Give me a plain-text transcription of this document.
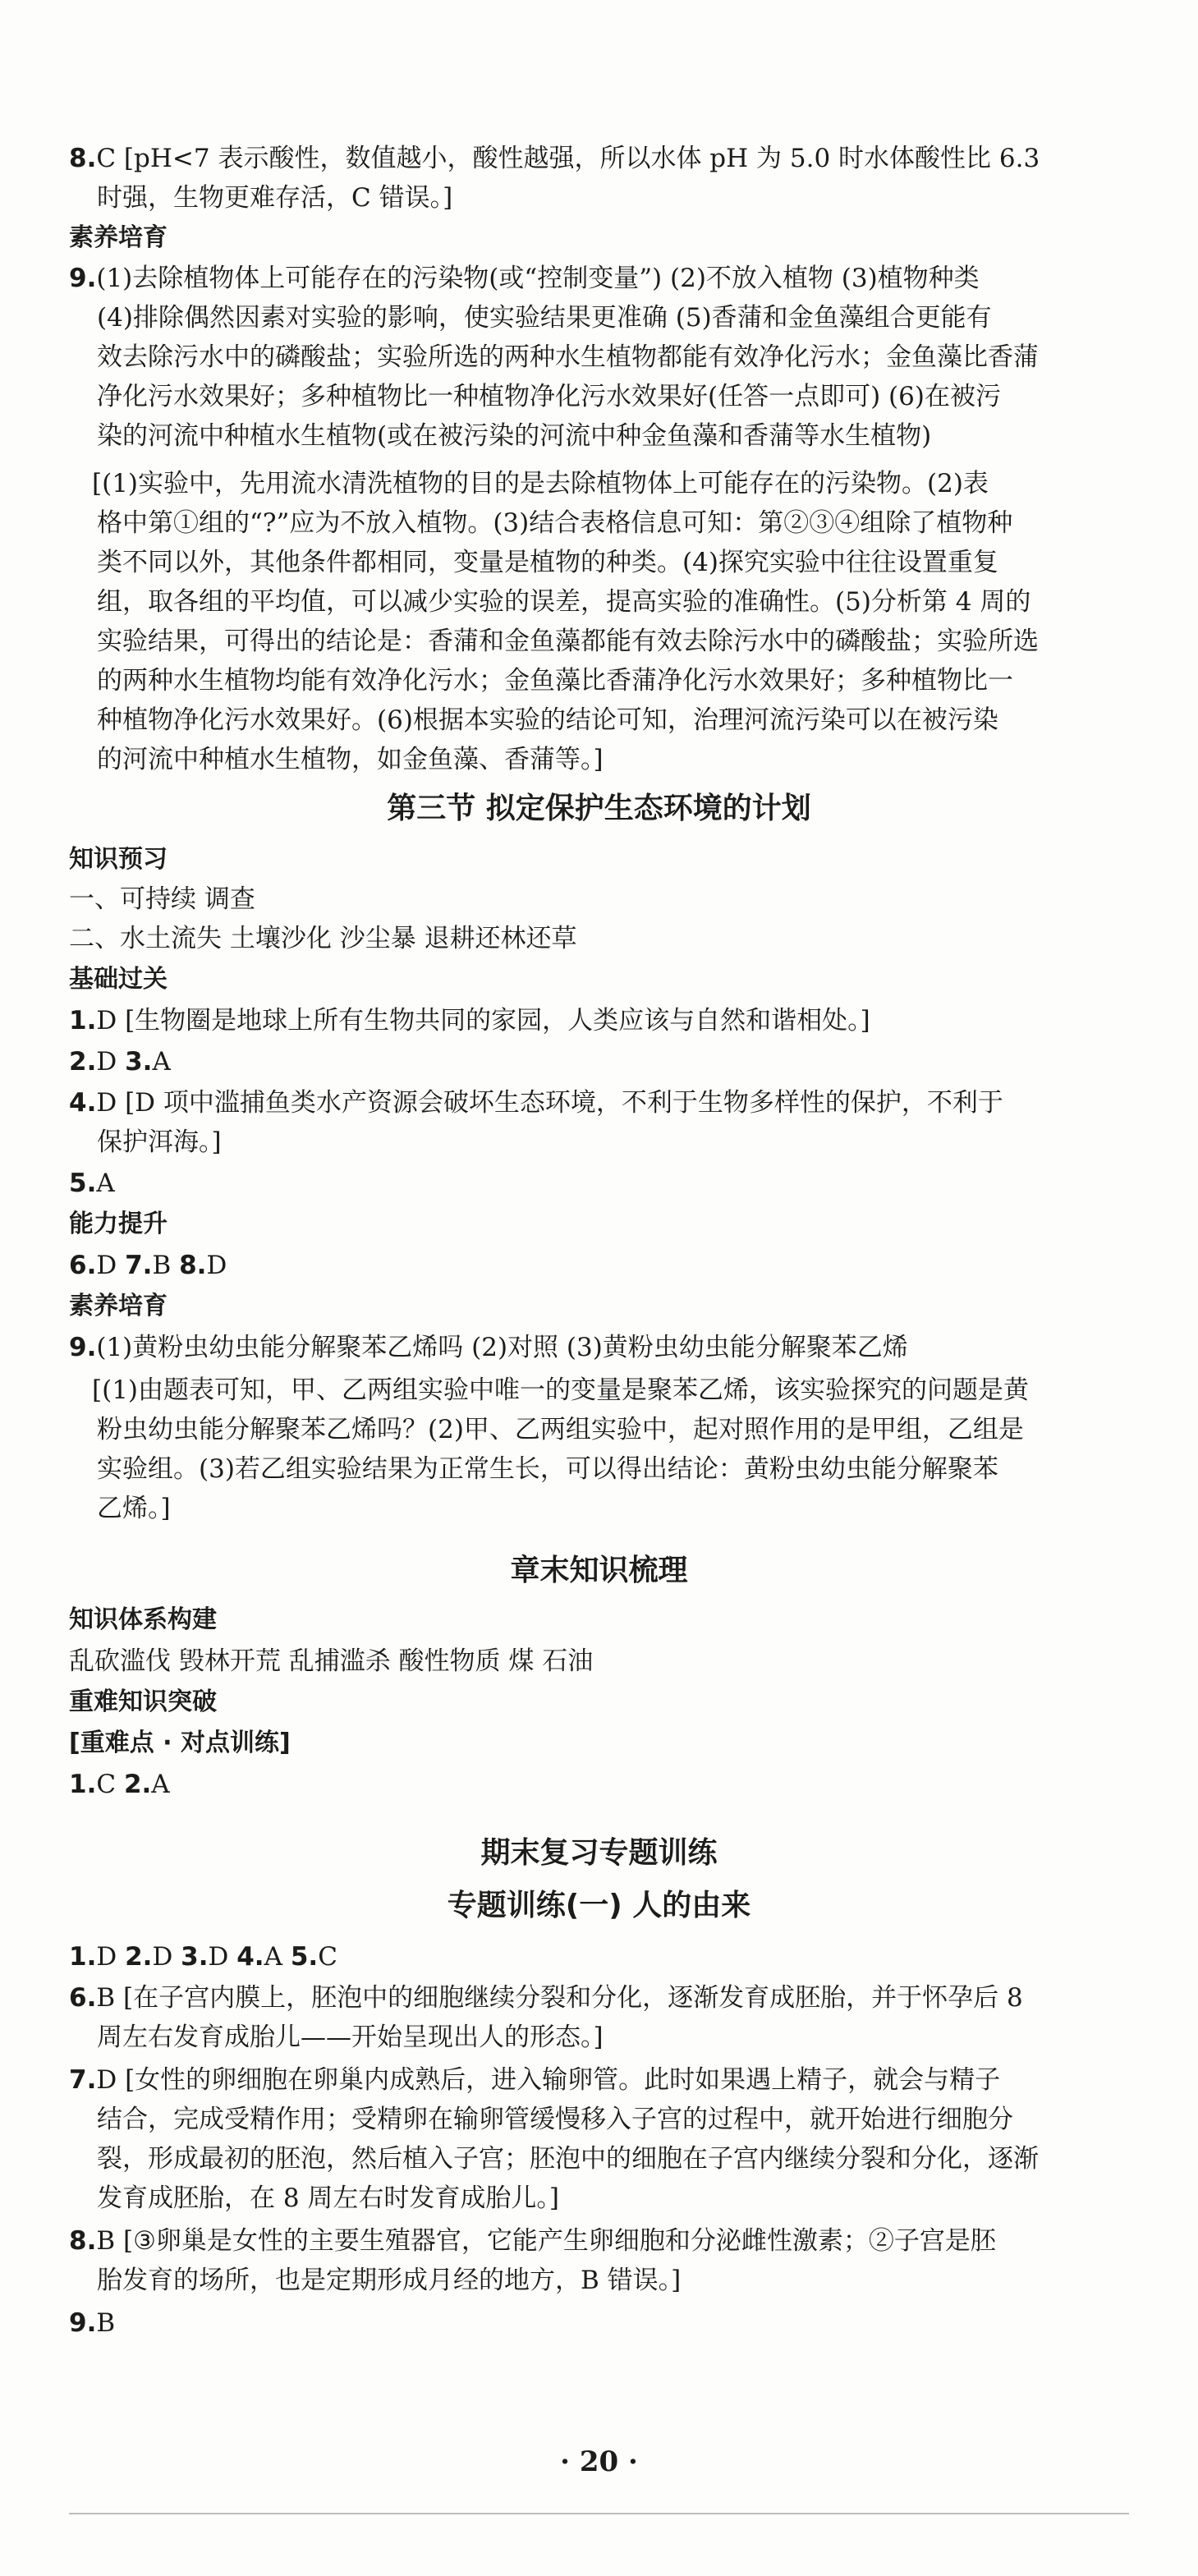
8.C [pH<7 表示酸性，数值越小，酸性越强，所以水体 pH 为 5.0 时水体酸性比 6.3
时强，生物更难存活，C 错误。]
素养培育
9.(1)去除植物体上可能存在的污染物(或“控制变量”) (2)不放入植物 (3)植物种类
(4)排除偶然因素对实验的影响，使实验结果更准确 (5)香蒲和金鱼藻组合更能有
效去除污水中的磷酸盐；实验所选的两种水生植物都能有效净化污水；金鱼藻比香蒲
净化污水效果好；多种植物比一种植物净化污水效果好(任答一点即可) (6)在被污
染的河流中种植水生植物(或在被污染的河流中种金鱼藻和香蒲等水生植物)
[(1)实验中，先用流水清洗植物的目的是去除植物体上可能存在的污染物。(2)表
格中第①组的“?”应为不放入植物。(3)结合表格信息可知：第②③④组除了植物种
类不同以外，其他条件都相同，变量是植物的种类。(4)探究实验中往往设置重复
组，取各组的平均值，可以减少实验的误差，提高实验的准确性。(5)分析第 4 周的
实验结果，可得出的结论是：香蒲和金鱼藻都能有效去除污水中的磷酸盐；实验所选
的两种水生植物均能有效净化污水；金鱼藻比香蒲净化污水效果好；多种植物比一
种植物净化污水效果好。(6)根据本实验的结论可知，治理河流污染可以在被污染
的河流中种植水生植物，如金鱼藻、香蒲等。]
第三节 拟定保护生态环境的计划
知识预习
一、可持续 调查
二、水土流失 土壤沙化 沙尘暴 退耕还林还草
基础过关
1.D [生物圈是地球上所有生物共同的家园，人类应该与自然和谐相处。]
2.D 3.A
4.D [D 项中滥捕鱼类水产资源会破坏生态环境，不利于生物多样性的保护，不利于
保护洱海。]
5.A
能力提升
6.D 7.B 8.D
素养培育
9.(1)黄粉虫幼虫能分解聚苯乙烯吗 (2)对照 (3)黄粉虫幼虫能分解聚苯乙烯
[(1)由题表可知，甲、乙两组实验中唯一的变量是聚苯乙烯，该实验探究的问题是黄
粉虫幼虫能分解聚苯乙烯吗？(2)甲、乙两组实验中，起对照作用的是甲组，乙组是
实验组。(3)若乙组实验结果为正常生长，可以得出结论：黄粉虫幼虫能分解聚苯
乙烯。]
章末知识梳理
知识体系构建
乱砍滥伐 毁林开荒 乱捕滥杀 酸性物质 煤 石油
重难知识突破
[重难点 · 对点训练]
1.C 2.A
期末复习专题训练
专题训练(一) 人的由来
1.D 2.D 3.D 4.A 5.C
6.B [在子宫内膜上，胚泡中的细胞继续分裂和分化，逐渐发育成胚胎，并于怀孕后 8
周左右发育成胎儿——开始呈现出人的形态。]
7.D [女性的卵细胞在卵巢内成熟后，进入输卵管。此时如果遇上精子，就会与精子
结合，完成受精作用；受精卵在输卵管缓慢移入子宫的过程中，就开始进行细胞分
裂，形成最初的胚泡，然后植入子宫；胚泡中的细胞在子宫内继续分裂和分化，逐渐
发育成胚胎，在 8 周左右时发育成胎儿。]
8.B [③卵巢是女性的主要生殖器官，它能产生卵细胞和分泌雌性激素；②子宫是胚
胎发育的场所，也是定期形成月经的地方，B 错误。]
9.B
· 20 ·
